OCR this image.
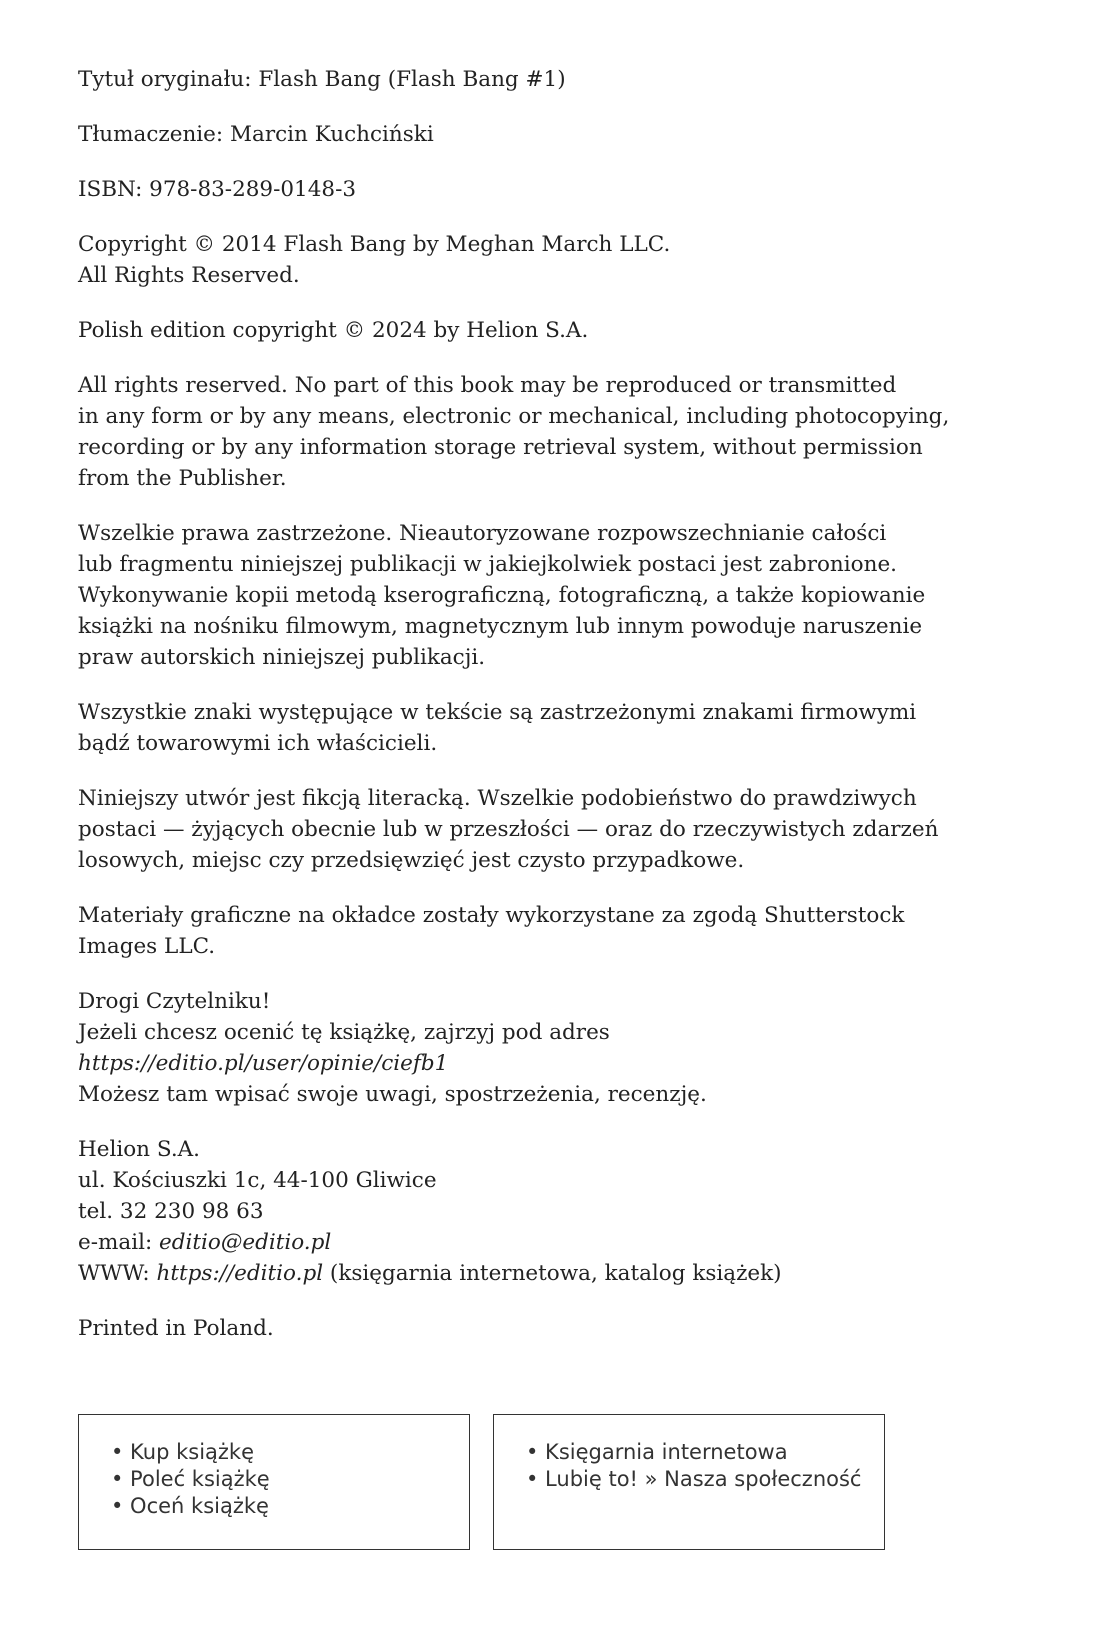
Tytuł oryginału: Flash Bang (Flash Bang #1)

Tłumaczenie: Marcin Kuchciński

ISBN: 978-83-289-0148-3

Copyright © 2014 Flash Bang by Meghan March LLC.
All Rights Reserved.

Polish edition copyright © 2024 by Helion S.A.

All rights reserved. No part of this book may be reproduced or transmitted
in any form or by any means, electronic or mechanical, including photocopying,
recording or by any information storage retrieval system, without permission
from the Publisher.

Wszelkie prawa zastrzeżone. Nieautoryzowane rozpowszechnianie całości
lub fragmentu niniejszej publikacji w jakiejkolwiek postaci jest zabronione.
Wykonywanie kopii metodą kserograficzną, fotograficzną, a także kopiowanie
książki na nośniku filmowym, magnetycznym lub innym powoduje naruszenie
praw autorskich niniejszej publikacji.

Wszystkie znaki występujące w tekście są zastrzeżonymi znakami firmowymi
bądź towarowymi ich właścicieli.

Niniejszy utwór jest fikcją literacką. Wszelkie podobieństwo do prawdziwych
postaci — żyjących obecnie lub w przeszłości — oraz do rzeczywistych zdarzeń
losowych, miejsc czy przedsięwzięć jest czysto przypadkowe.

Materiały graficzne na okładce zostały wykorzystane za zgodą Shutterstock
Images LLC.

Drogi Czytelniku!
Jeżeli chcesz ocenić tę książkę, zajrzyj pod adres
https://editio.pl/user/opinie/ciefb1
Możesz tam wpisać swoje uwagi, spostrzeżenia, recenzję.

Helion S.A.
ul. Kościuszki 1c, 44-100 Gliwice
tel. 32 230 98 63
e-mail: editio@editio.pl
WWW: https://editio.pl (księgarnia internetowa, katalog książek)

Printed in Poland.

• Kup książkę
• Poleć książkę
• Oceń książkę
• Księgarnia internetowa
• Lubię to! » Nasza społeczność
